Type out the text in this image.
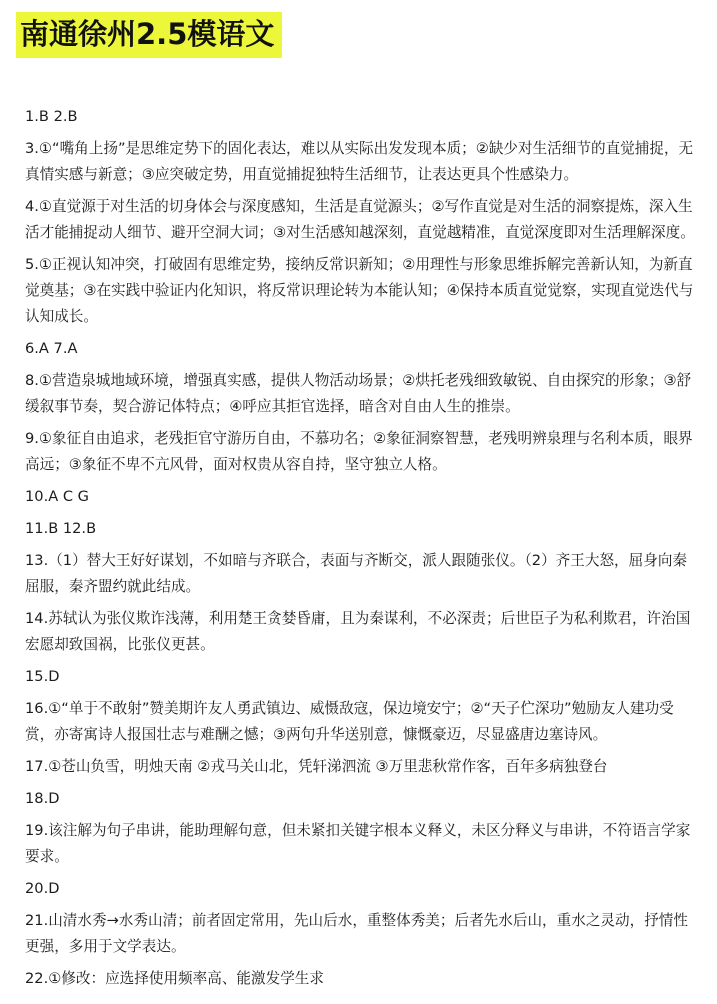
南通徐州2.5模语文
1.B 2.B
3.①“嘴角上扬”是思维定势下的固化表达，难以从实际出发发现本质；②缺少对生活细节的直觉捕捉，无真情实感与新意；③应突破定势，用直觉捕捉独特生活细节，让表达更具个性感染力。
4.①直觉源于对生活的切身体会与深度感知，生活是直觉源头；②写作直觉是对生活的洞察提炼，深入生活才能捕捉动人细节、避开空洞大词；③对生活感知越深刻，直觉越精准，直觉深度即对生活理解深度。
5.①正视认知冲突，打破固有思维定势，接纳反常识新知；②用理性与形象思维拆解完善新认知，为新直觉奠基；③在实践中验证内化知识，将反常识理论转为本能认知；④保持本质直觉觉察，实现直觉迭代与认知成长。
6.A 7.A
8.①营造泉城地域环境，增强真实感，提供人物活动场景；②烘托老残细致敏锐、自由探究的形象；③舒缓叙事节奏，契合游记体特点；④呼应其拒官选择，暗含对自由人生的推崇。
9.①象征自由追求，老残拒官守游历自由，不慕功名；②象征洞察智慧，老残明辨泉理与名利本质，眼界高远；③象征不卑不亢风骨，面对权贵从容自持，坚守独立人格。
10.A C G
11.B 12.B
13.（1）替大王好好谋划，不如暗与齐联合，表面与齐断交，派人跟随张仪。（2）齐王大怒，屈身向秦屈服，秦齐盟约就此结成。
14.苏轼认为张仪欺诈浅薄，利用楚王贪婪昏庸，且为秦谋利，不必深责；后世臣子为私利欺君，许治国宏愿却致国祸，比张仪更甚。
15.D
16.①“单于不敢射”赞美期许友人勇武镇边、威慑敌寇，保边境安宁；②“天子伫深功”勉励友人建功受赏，亦寄寓诗人报国壮志与难酬之憾；③两句升华送别意，慷慨豪迈，尽显盛唐边塞诗风。
17.①苍山负雪，明烛天南 ②戎马关山北，凭轩涕泗流 ③万里悲秋常作客，百年多病独登台
18.D
19.该注解为句子串讲，能助理解句意，但未紧扣关键字根本义释义，未区分释义与串讲，不符语言学家要求。
20.D
21.山清水秀→水秀山清；前者固定常用，先山后水，重整体秀美；后者先水后山，重水之灵动，抒情性更强，多用于文学表达。
22.①修改：应选择使用频率高、能激发学生求
